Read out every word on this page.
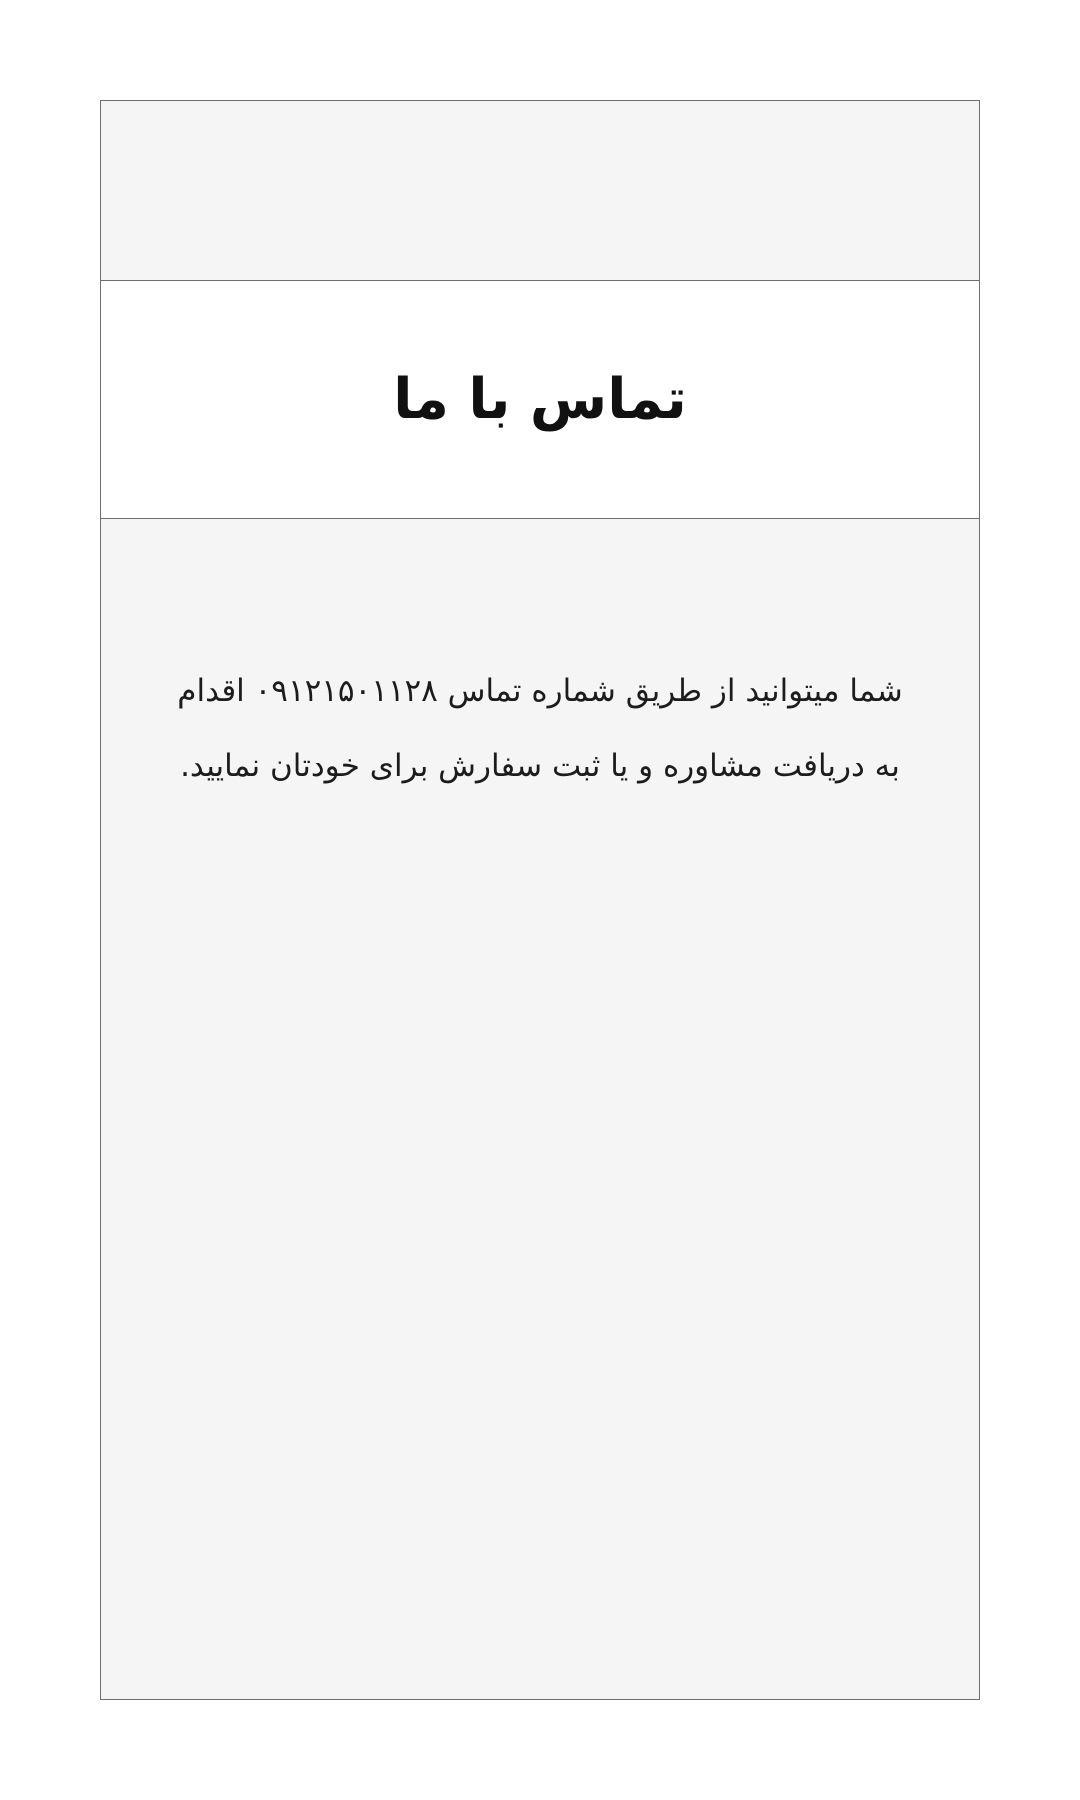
تماس با ما

شما میتوانید از طریق شماره تماس ۰۹۱۲۱۵۰۱۱۲۸ اقدام به دریافت مشاوره و یا ثبت سفارش برای خودتان نمایید.
